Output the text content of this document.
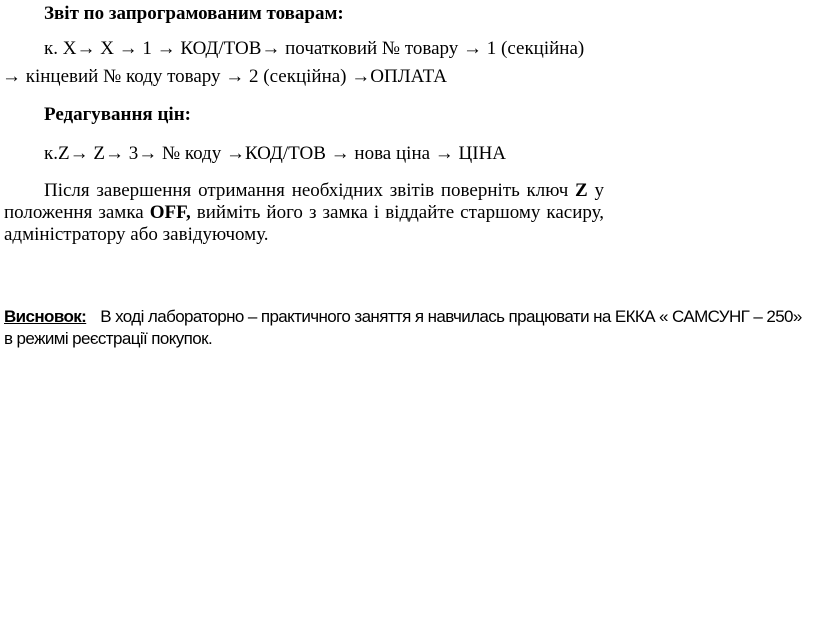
Звіт по запрограмованим товарам:
к. Х→ Х → 1 → КОД/ТОВ→ початковий № товару → 1 (секційна)
→ кінцевий № коду товару → 2 (секційна) →ОПЛАТА
Редагування цін:
к.Z→ Z→ 3→ № коду →КОД/ТОВ → нова ціна → ЦІНА
Після завершення отримання необхідних звітів поверніть ключ Z у положення замка OFF, вийміть його з замка і віддайте старшому касиру, адміністратору або завідуючому.
Висновок: В ході лабораторно – практичного заняття я навчилась працювати на ЕККА « САМСУНГ – 250» в режимі реєстрації покупок.
